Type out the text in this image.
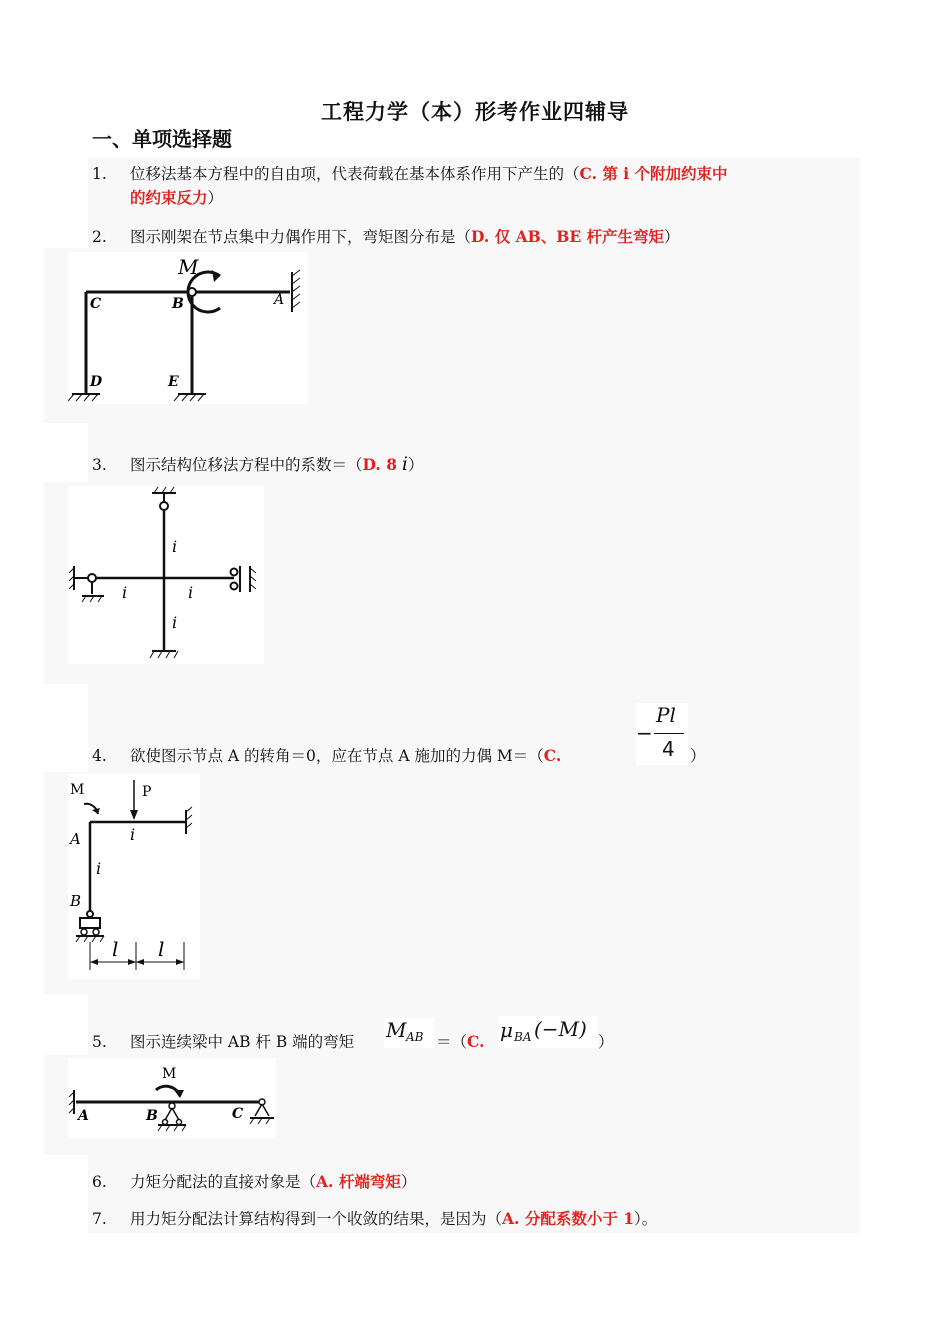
工程力学（本）形考作业四辅导
一、单项选择题
1. 位移法基本方程中的自由项，代表荷载在基本体系作用下产生的（C. 第 i 个附加约束中
的约束反力）
2. 图示刚架在节点集中力偶作用下，弯矩图分布是（D. 仅 AB、BE 杆产生弯矩）
M
C	B	A
D	E
3. 图示结构位移法方程中的系数＝（D. 8 i）
i
i	i
i
4. 欲使图示节点 A 的转角＝0，应在节点 A 施加的力偶 M＝（C.
−
Pl
4 ）
M	P
A	i
i
B
l l
5. 图示连续梁中 AB 杆 B 端的弯矩 M AB ＝（C. μ BA (−M)
）
M
A	B	C
6. 力矩分配法的直接对象是（A. 杆端弯矩）
7. 用力矩分配法计算结构得到一个收敛的结果，是因为（A. 分配系数小于 1）。
